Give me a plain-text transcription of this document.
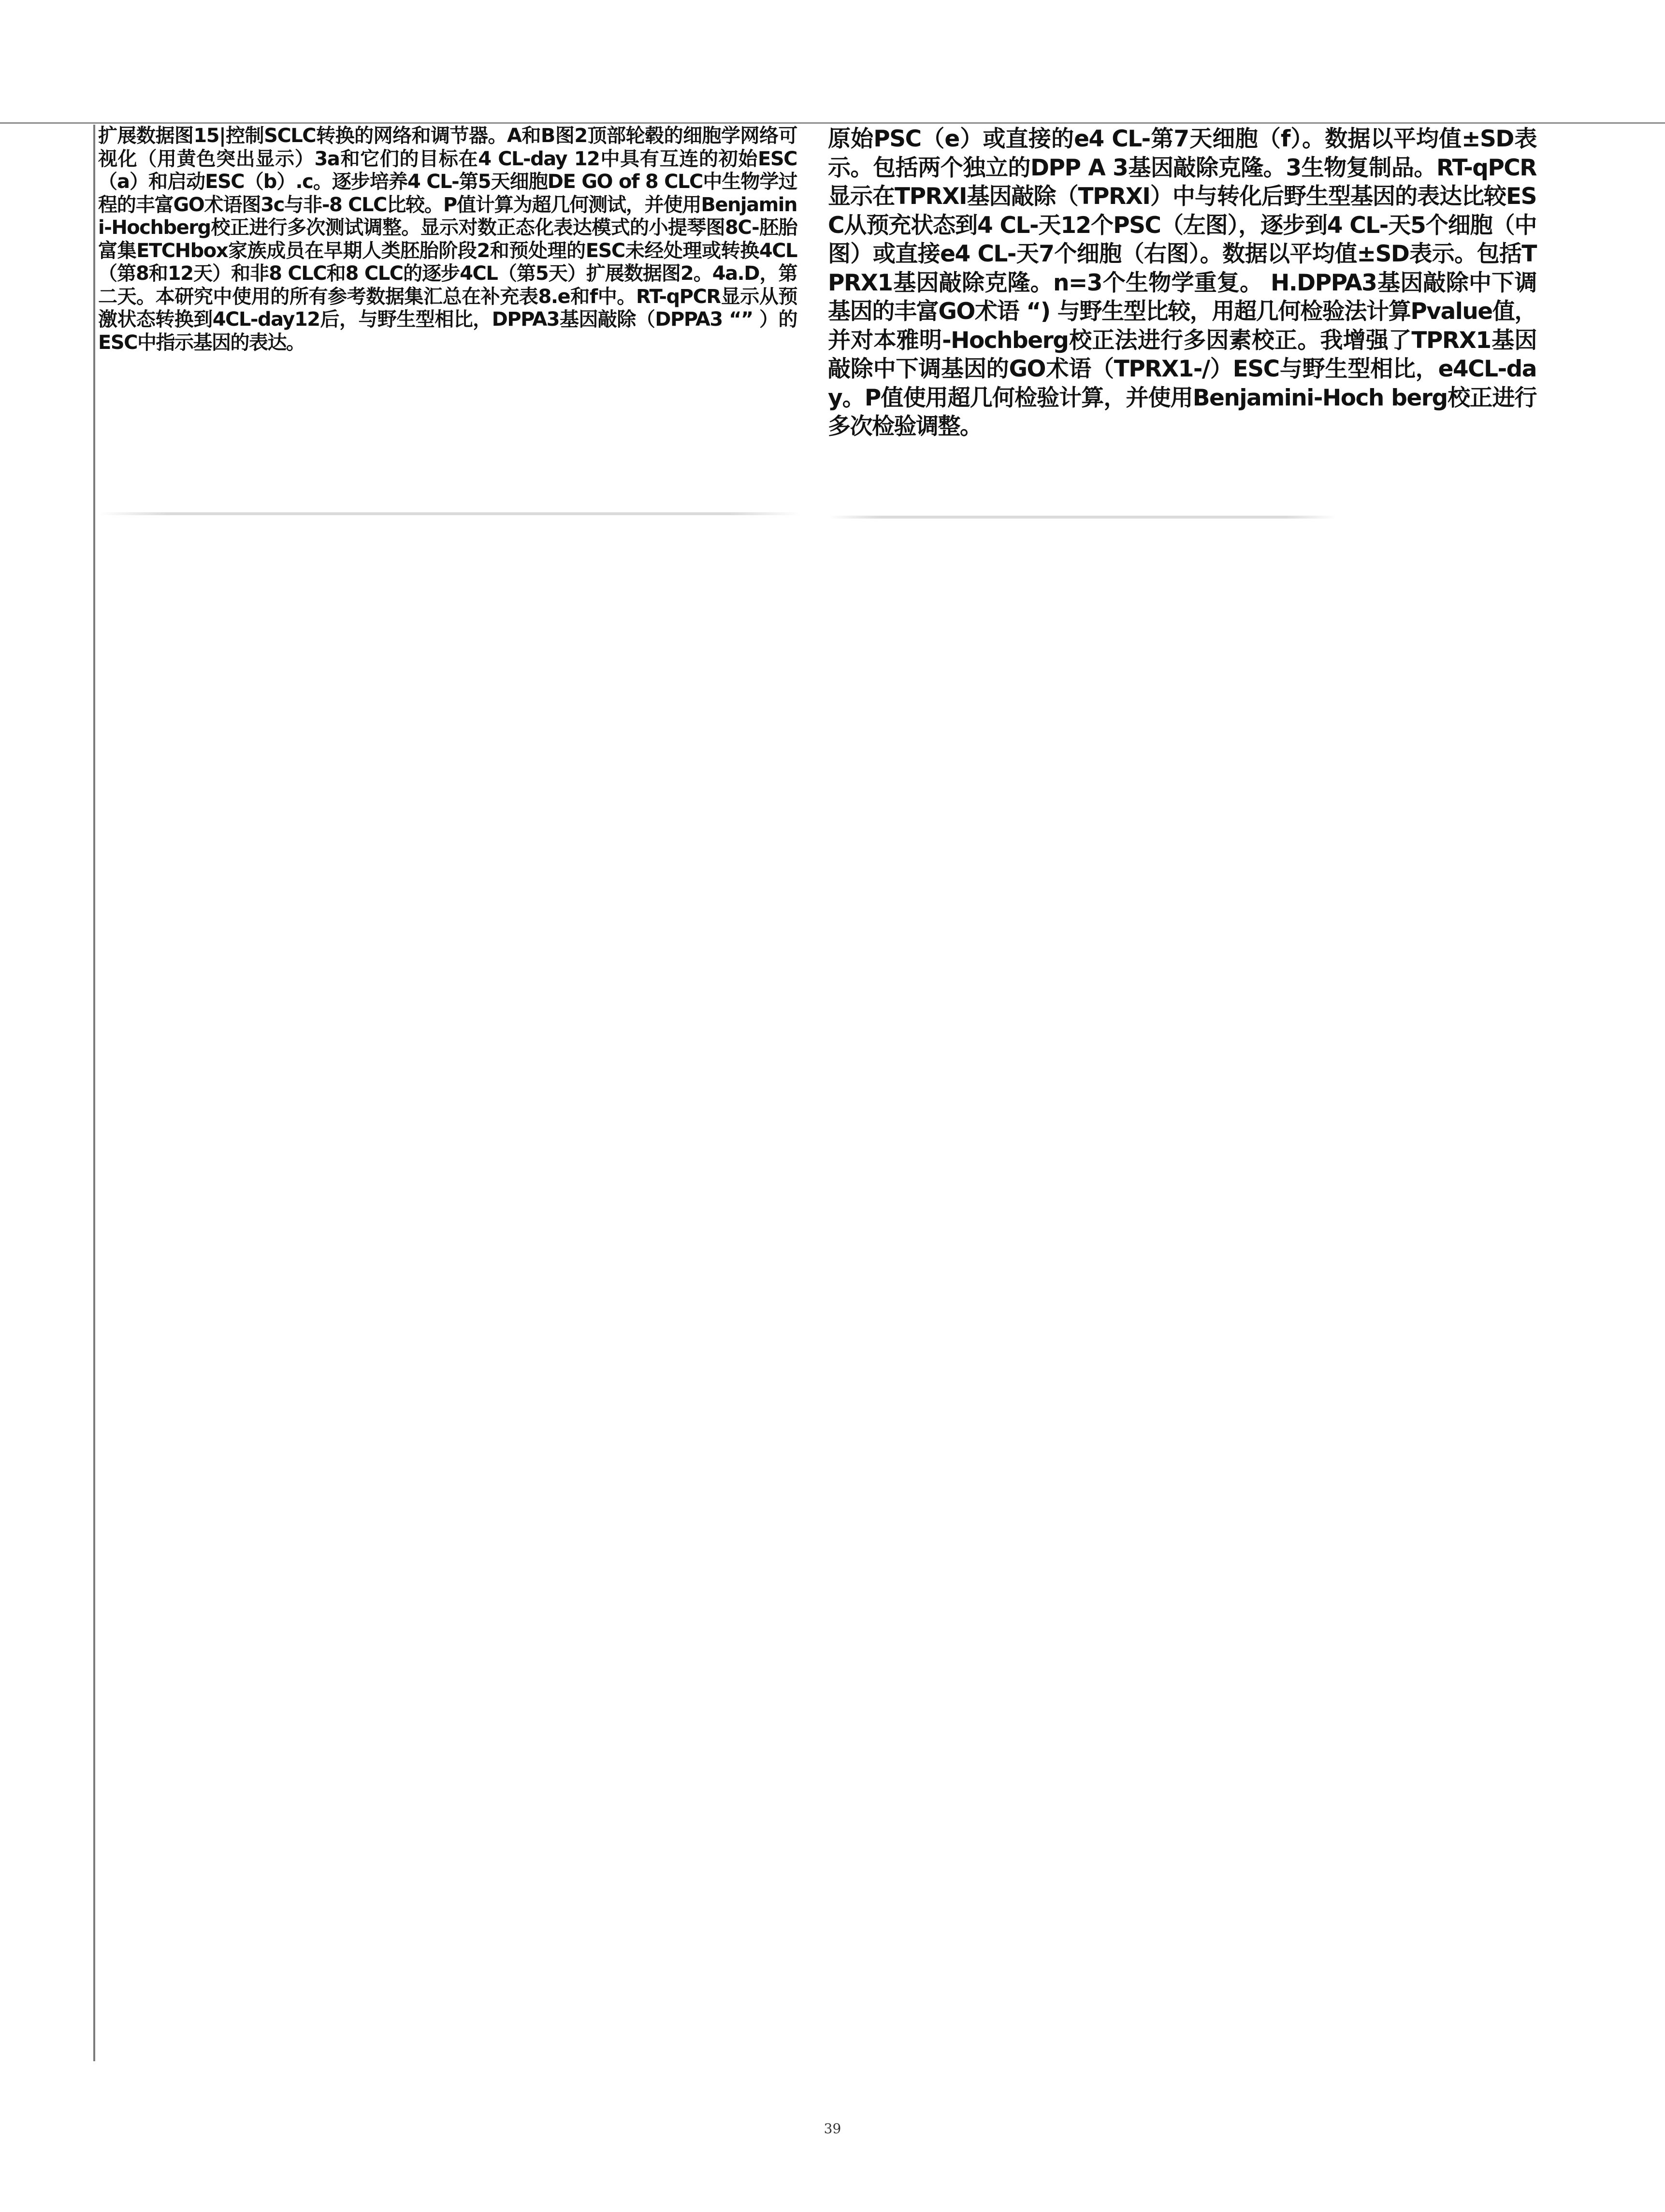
扩展数据图15|控制SCLC转换的网络和调节器。A和B图2顶部轮毂的细胞学网络可视化（用黄色突出显示）3a和它们的目标在4 CL-day 12中具有互连的初始ESC（a）和启动ESC（b）.c。逐步培养4 CL-第5天细胞DE GO of 8 CLC中生物学过程的丰富GO术语图3c与非-8 CLC比较。P值计算为超几何测试，并使用Benjamini-Hochberg校正进行多次测试调整。显示对数正态化表达模式的小提琴图8C-胚胎富集ETCHbox家族成员在早期人类胚胎阶段2和预处理的ESC未经处理或转换4CL（第8和12天）和非8 CLC和8 CLC的逐步4CL（第5天）扩展数据图2。4a.D，第二天。本研究中使用的所有参考数据集汇总在补充表8.e和f中。RT-qPCR显示从预激状态转换到4CL-day12后，与野生型相比，DPPA3基因敲除（DPPA3 “” ）的ESC中指示基因的表达。

原始PSC（e）或直接的e4 CL-第7天细胞（f）。数据以平均值±SD表示。包括两个独立的DPP A 3基因敲除克隆。3生物复制品。RT-qPCR显示在TPRXI基因敲除（TPRXI）中与转化后野生型基因的表达比较ESC从预充状态到4 CL-天12个PSC（左图），逐步到4 CL-天5个细胞（中图）或直接e4 CL-天7个细胞（右图）。数据以平均值±SD表示。包括TPRX1基因敲除克隆。n=3个生物学重复。 H.DPPA3基因敲除中下调基因的丰富GO术语 “) 与野生型比较，用超几何检验法计算Pvalue值，并对本雅明-Hochberg校正法进行多因素校正。我增强了TPRX1基因敲除中下调基因的GO术语（TPRX1-/）ESC与野生型相比，e4CL-day。P值使用超几何检验计算，并使用Benjamini-Hoch berg校正进行多次检验调整。

39
